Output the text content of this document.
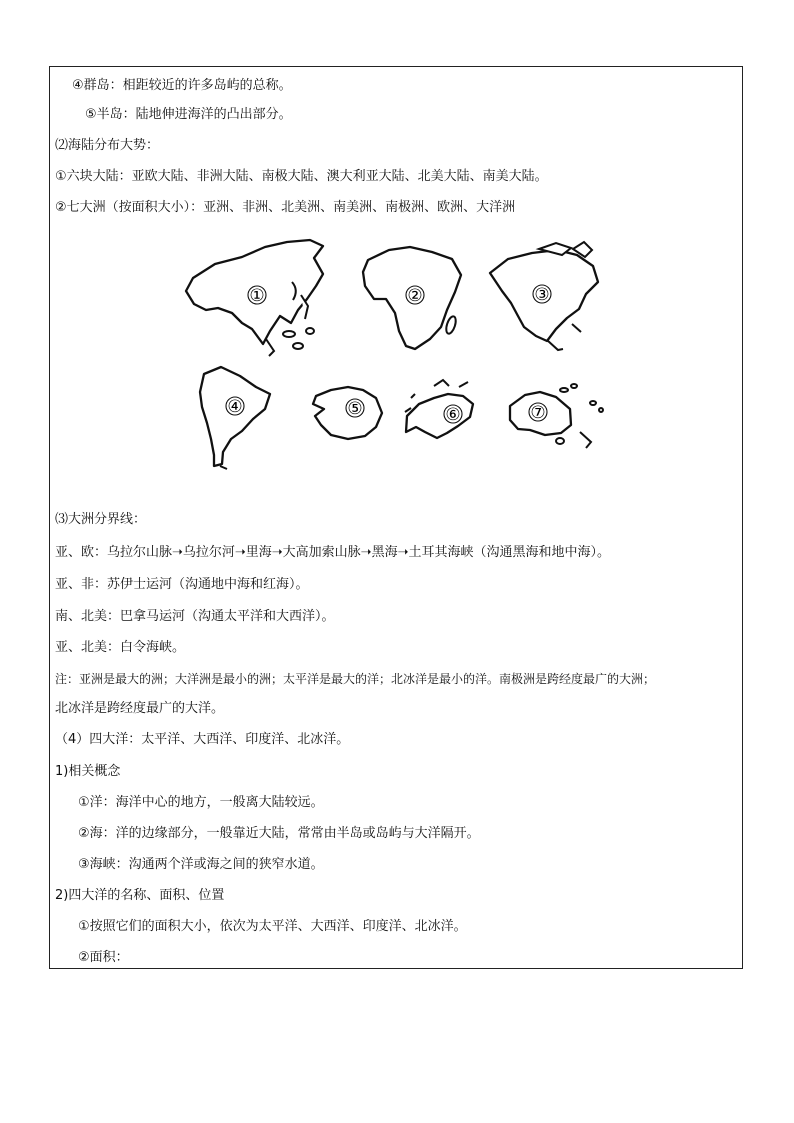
④群岛：相距较近的许多岛屿的总称。
⑤半岛：陆地伸进海洋的凸出部分。
⑵海陆分布大势：
①六块大陆：亚欧大陆、非洲大陆、南极大陆、澳大利亚大陆、北美大陆、南美大陆。
②七大洲（按面积大小）：亚洲、非洲、北美洲、南美洲、南极洲、欧洲、大洋洲
①	②	③
④	⑤	⑥	⑦
⑶大洲分界线：
亚、欧：乌拉尔山脉➝乌拉尔河➝里海➝大高加索山脉➝黑海➝土耳其海峡（沟通黑海和地中海）。
亚、非：苏伊士运河（沟通地中海和红海）。
南、北美：巴拿马运河（沟通太平洋和大西洋）。
亚、北美：白令海峡。
注：亚洲是最大的洲；大洋洲是最小的洲；太平洋是最大的洋；北冰洋是最小的洋。南极洲是跨经度最广的大洲；
北冰洋是跨经度最广的大洋。
（4）四大洋：太平洋、大西洋、印度洋、北冰洋。
1)相关概念
①洋：海洋中心的地方，一般离大陆较远。
②海：洋的边缘部分，一般靠近大陆，常常由半岛或岛屿与大洋隔开。
③海峡：沟通两个洋或海之间的狭窄水道。
2)四大洋的名称、面积、位置
①按照它们的面积大小，依次为太平洋、大西洋、印度洋、北冰洋。
②面积：
